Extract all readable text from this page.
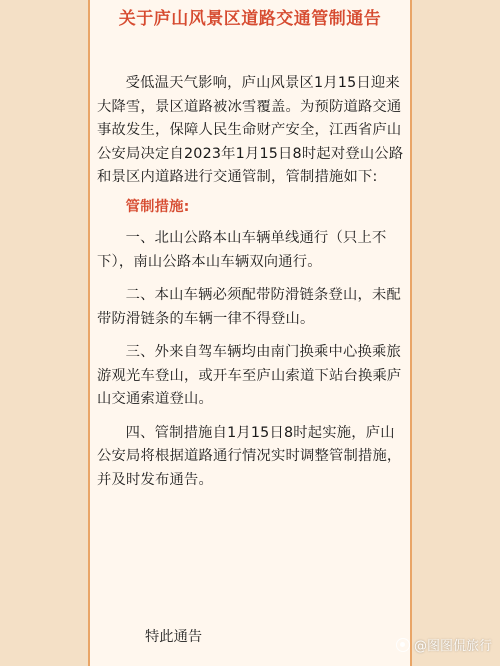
关于庐山风景区道路交通管制通告

受低温天气影响，庐山风景区1月15日迎来大降雪，景区道路被冰雪覆盖。为预防道路交通事故发生，保障人民生命财产安全，江西省庐山公安局决定自2023年1月15日8时起对登山公路和景区内道路进行交通管制，管制措施如下:

管制措施:

一、北山公路本山车辆单线通行（只上不下），南山公路本山车辆双向通行。

二、本山车辆必须配带防滑链条登山，未配带防滑链条的车辆一律不得登山。

三、外来自驾车辆均由南门换乘中心换乘旅游观光车登山，或开车至庐山索道下站台换乘庐山交通索道登山。

四、管制措施自1月15日8时起实施，庐山公安局将根据道路通行情况实时调整管制措施，并及时发布通告。

特此通告
@图图侃旅行
